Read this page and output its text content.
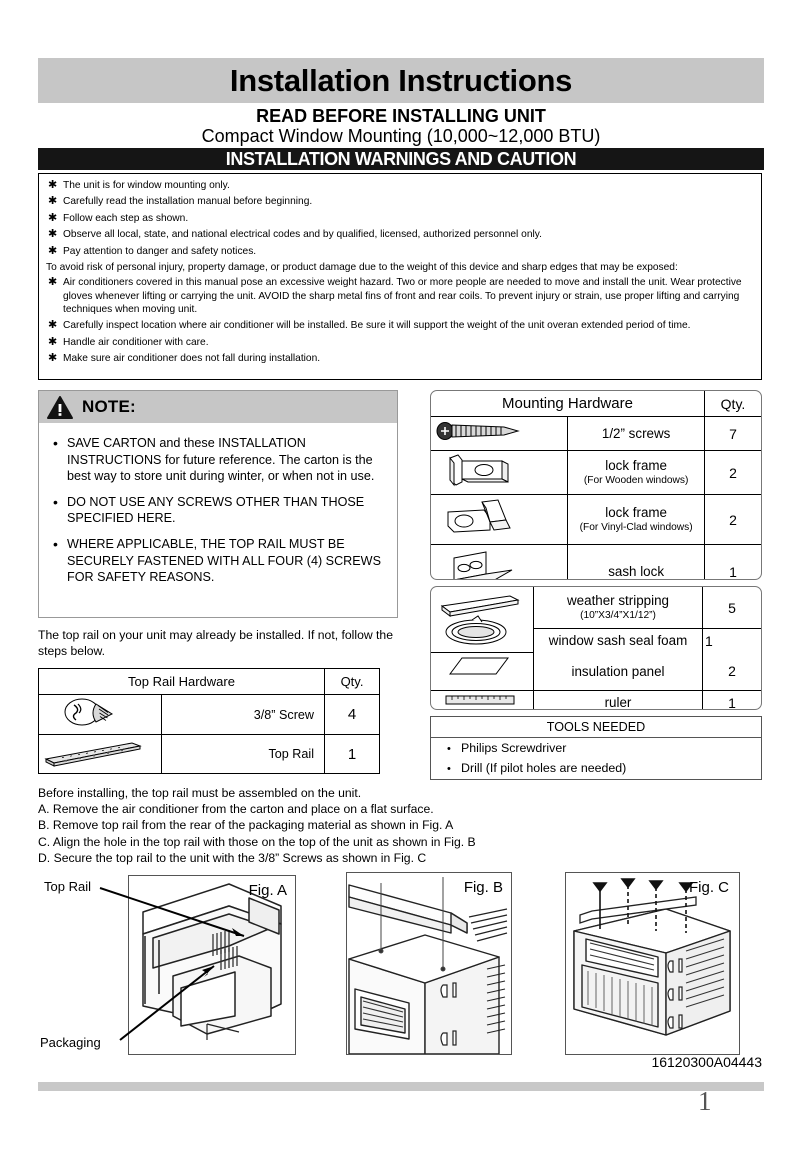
Installation Instructions
READ BEFORE INSTALLING UNIT
Compact Window Mounting (10,000~12,000 BTU)
INSTALLATION WARNINGS AND CAUTION
✱ The unit is for window mounting only.
✱ Carefully read the installation manual before beginning.
✱ Follow each step as shown.
✱ Observe all local, state, and national electrical codes and by qualified, licensed, authorized personnel only.
✱ Pay attention to danger and safety notices.
To avoid risk of personal injury, property damage, or product damage due to the weight of this device and sharp edges that may be exposed:
✱ Air conditioners covered in this manual pose an excessive weight hazard. Two or more people are needed to move and install the unit. Wear protective gloves whenever lifting or carrying the unit. AVOID the sharp metal fins of front and rear coils. To prevent injury or strain, use proper lifting and carrying techniques when moving unit.
✱ Carefully inspect location where air conditioner will be installed. Be sure it will support the weight of the unit overan extended period of time.
✱ Handle air conditioner with care.
✱ Make sure air conditioner does not fall during installation.
NOTE:
• SAVE CARTON and these INSTALLATION INSTRUCTIONS for future reference. The carton is the best way to store unit during winter, or when not in use.
• DO NOT USE ANY SCREWS OTHER THAN THOSE SPECIFIED HERE.
• WHERE APPLICABLE, THE TOP RAIL MUST BE SECURELY FASTENED WITH ALL FOUR (4) SCREWS FOR SAFETY REASONS.
Mounting Hardware		Qty.
	1/2” screws	7
	lock frame
(For Wooden windows)	2
	lock frame
(For Vinyl-Clad windows)	2
	sash lock	1
	weather stripping
(10”X3/4”X1/12”)	5
	window sash seal foam	1
	insulation panel	2
	ruler	1
The top rail on your unit may already be installed. If not, follow the steps below.
Top Rail Hardware		Qty.
	3/8” Screw	4
	Top Rail	1
TOOLS NEEDED
• Philips Screwdriver
• Drill (If pilot holes are needed)
Before installing, the top rail must be assembled on the unit.
A. Remove the air conditioner from the carton and place on a flat surface.
B. Remove top rail from the rear of the packaging material as shown in Fig. A
C. Align the hole in the top rail with those on the top of the unit as shown in Fig. B
D. Secure the top rail to the unit with the 3/8” Screws as shown in Fig. C
Fig. A
Top Rail
Packaging
Fig. B	Fig. C
16120300A04443
1
